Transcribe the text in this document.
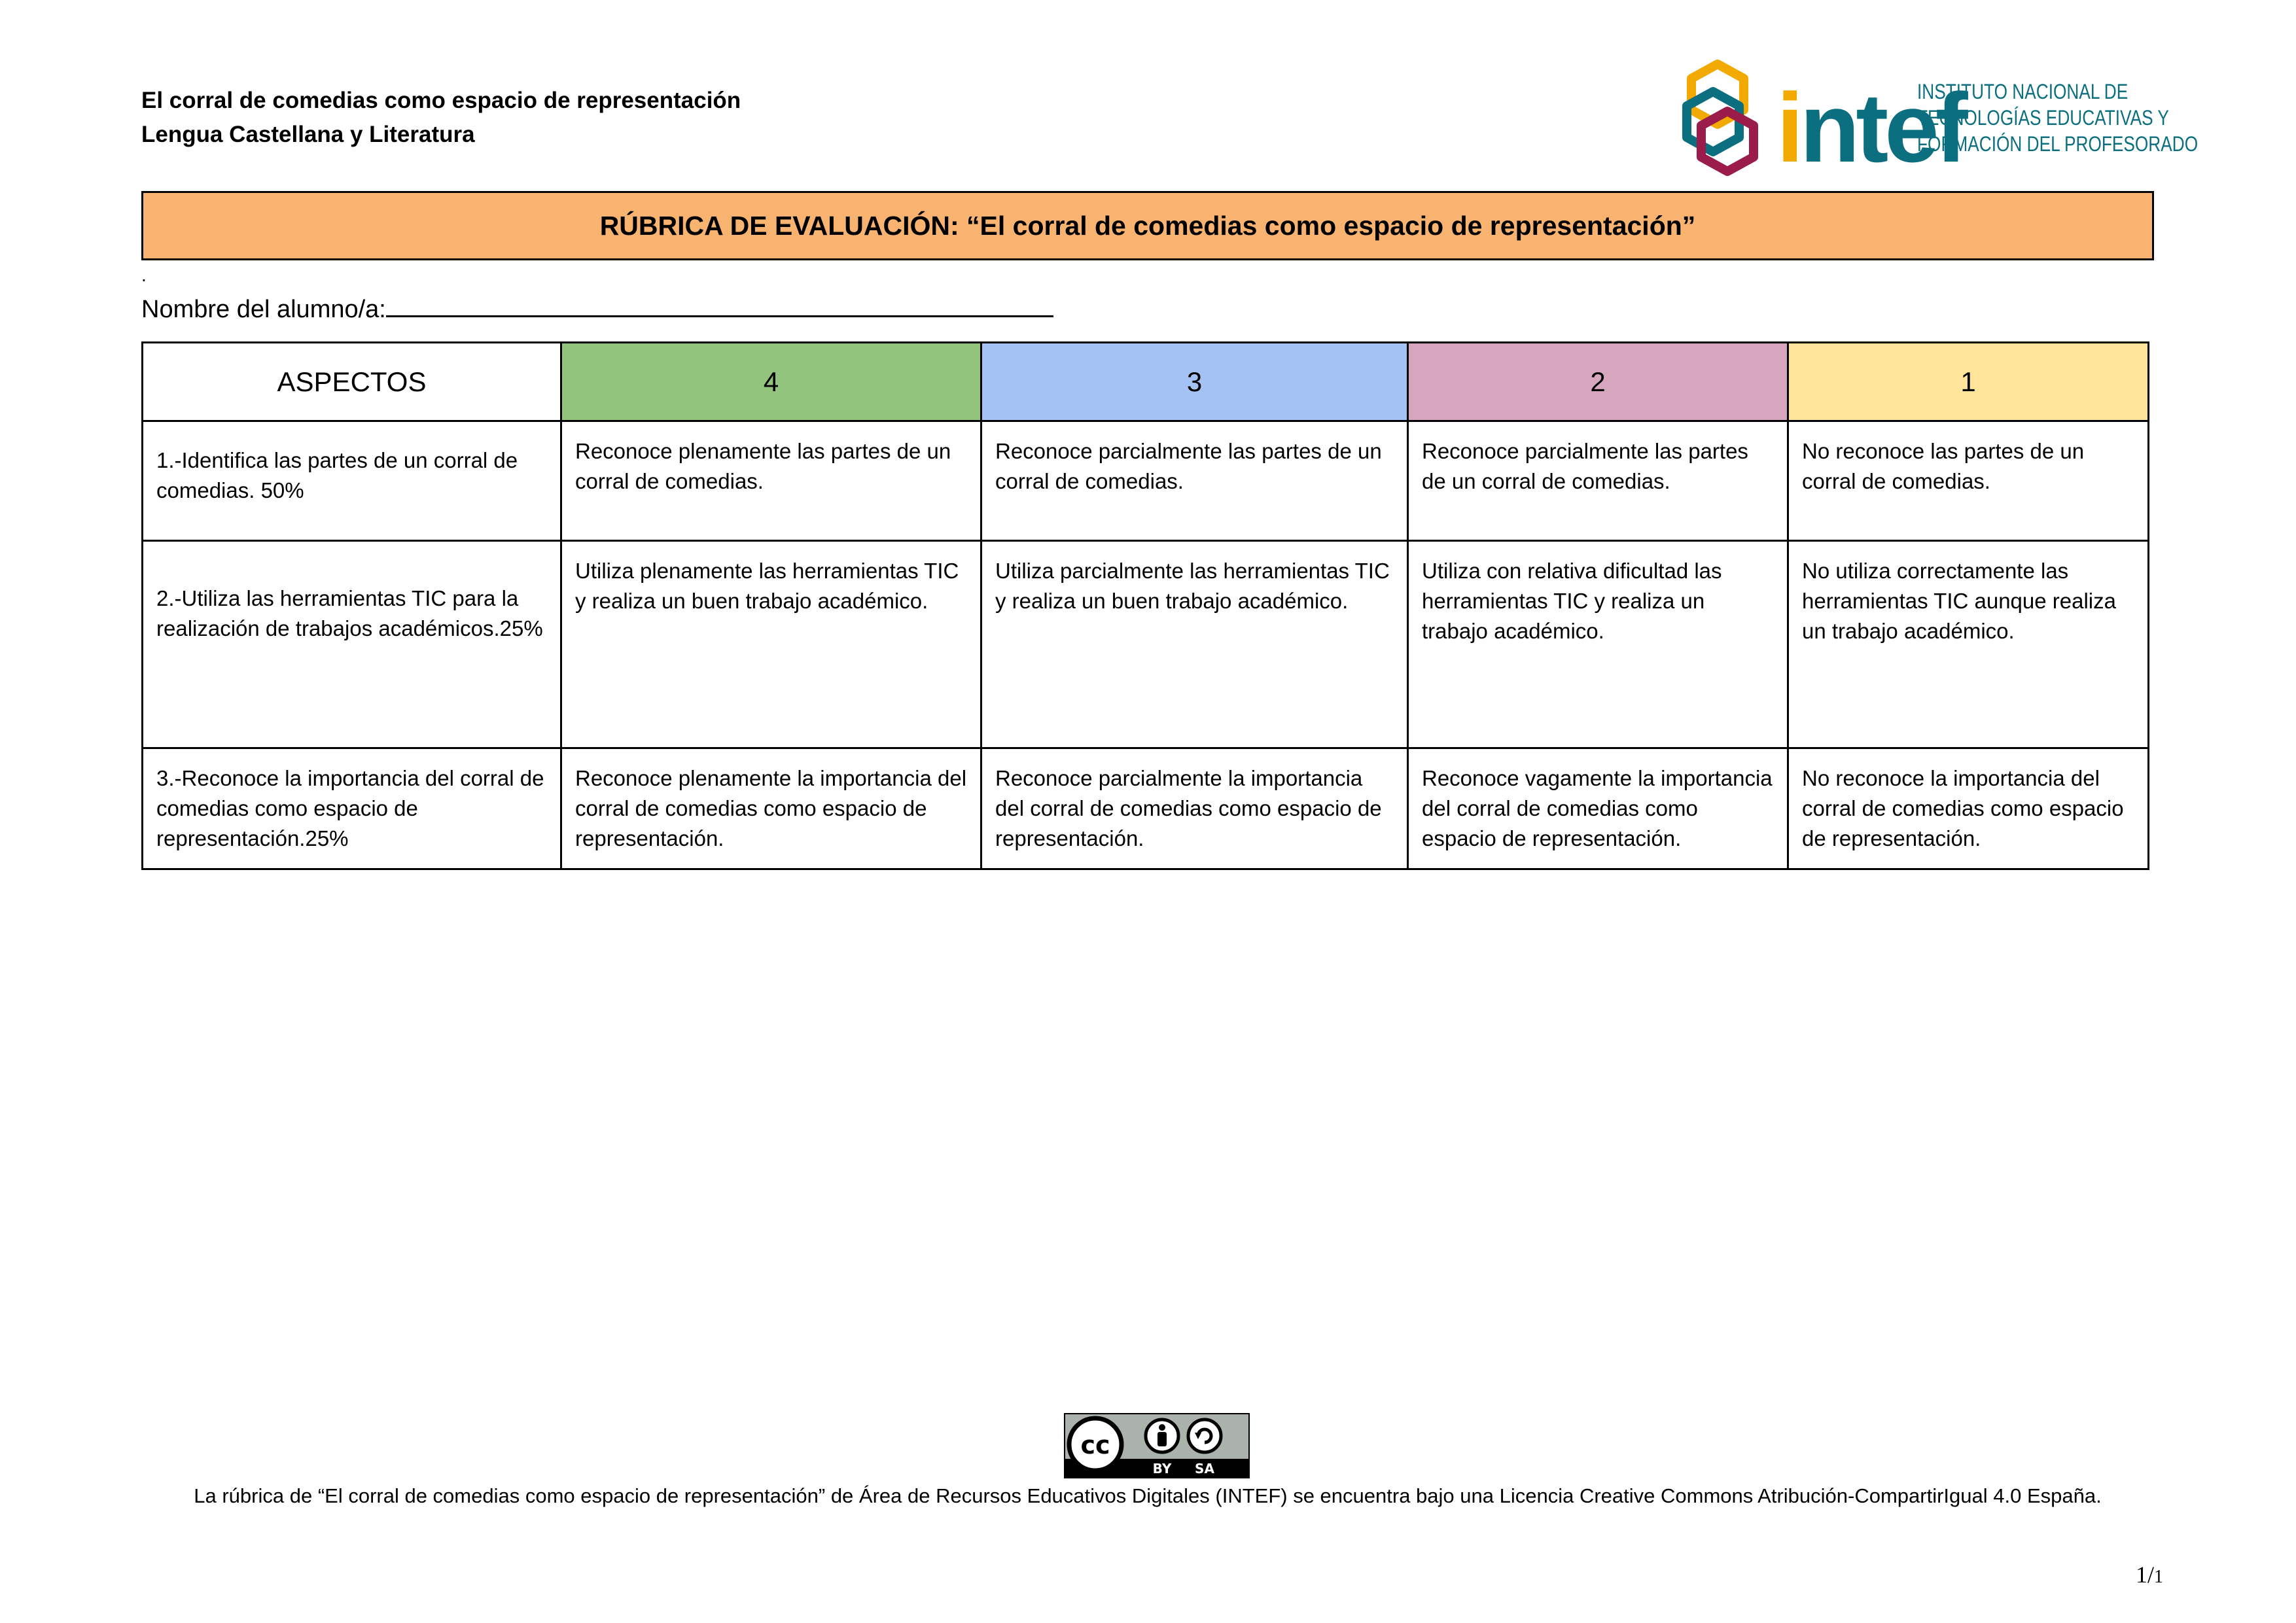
El corral de comedias como espacio de representación
Lengua Castellana y Literatura	intef
INSTITUTO NACIONAL DE
TECNOLOGÍAS EDUCATIVAS Y
FORMACIÓN DEL PROFESORADO
RÚBRICA DE EVALUACIÓN: “El corral de comedias como espacio de representación”
.
Nombre del alumno/a:
ASPECTOS	4	3	2	1
1.-Identifica las partes de un corral de comedias. 50%	Reconoce plenamente las partes de un corral de comedias.	Reconoce parcialmente las partes de un corral de comedias.	Reconoce parcialmente las partes de un corral de comedias.	No reconoce las partes de un corral de comedias.
2.-Utiliza las herramientas TIC para la realización de trabajos académicos.25%	Utiliza plenamente las herramientas TIC y realiza un buen trabajo académico.	Utiliza parcialmente las herramientas TIC y realiza un buen trabajo académico.	Utiliza con relativa dificultad las herramientas TIC y realiza un trabajo académico.	No utiliza correctamente las herramientas TIC aunque realiza un trabajo académico.
3.-Reconoce la importancia del corral de comedias como espacio de representación.25%	Reconoce plenamente la importancia del corral de comedias como espacio de representación.	Reconoce parcialmente la importancia del corral de comedias como espacio de representación.	Reconoce vagamente la importancia del corral de comedias como espacio de representación.	No reconoce la importancia del corral de comedias como espacio de representación.
cc
BY SA
La rúbrica de “El corral de comedias como espacio de representación” de Área de Recursos Educativos Digitales (INTEF) se encuentra bajo una Licencia Creative Commons Atribución-CompartirIgual 4.0 España.
1/1
